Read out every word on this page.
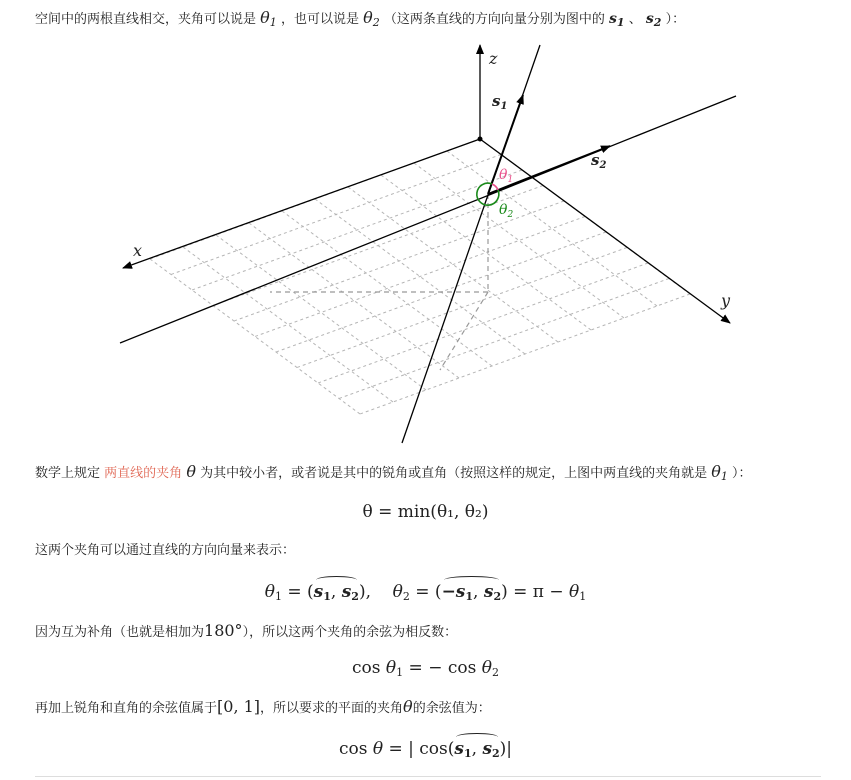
空间中的两根直线相交，夹角可以说是 $\theta_1$ ，也可以说是 $\theta_2$ （这两条直线的方向向量分别为图中的 $s_1$ 、 $s_2$ ）：
x
y
z
$s_1$
$s_2$
$\theta_1$
$\theta_2$
数学上规定 两直线的夹角 θ 为其中较小者，或者说是其中的锐角或直角（按照这样的规定，上图中两直线的夹角就是 $\theta_1$ ）：
θ = min(θ₁, θ₂)
这两个夹角可以通过直线的方向向量来表示：
$\theta_1 = (s_1$, $s_2$), $\theta_2 = (-s_1$, $s_2) = \pi - \theta_1$
因为互为补角（也就是相加为180°），所以这两个夹角的余弦为相反数：
$\cos \theta_1$ = − $\cos \theta_2$
再加上锐角和直角的余弦值属于[0, 1]，所以要求的平面的夹角θ的余弦值为：
cos θ = | $\cos(s_1$, $s_2)|$
